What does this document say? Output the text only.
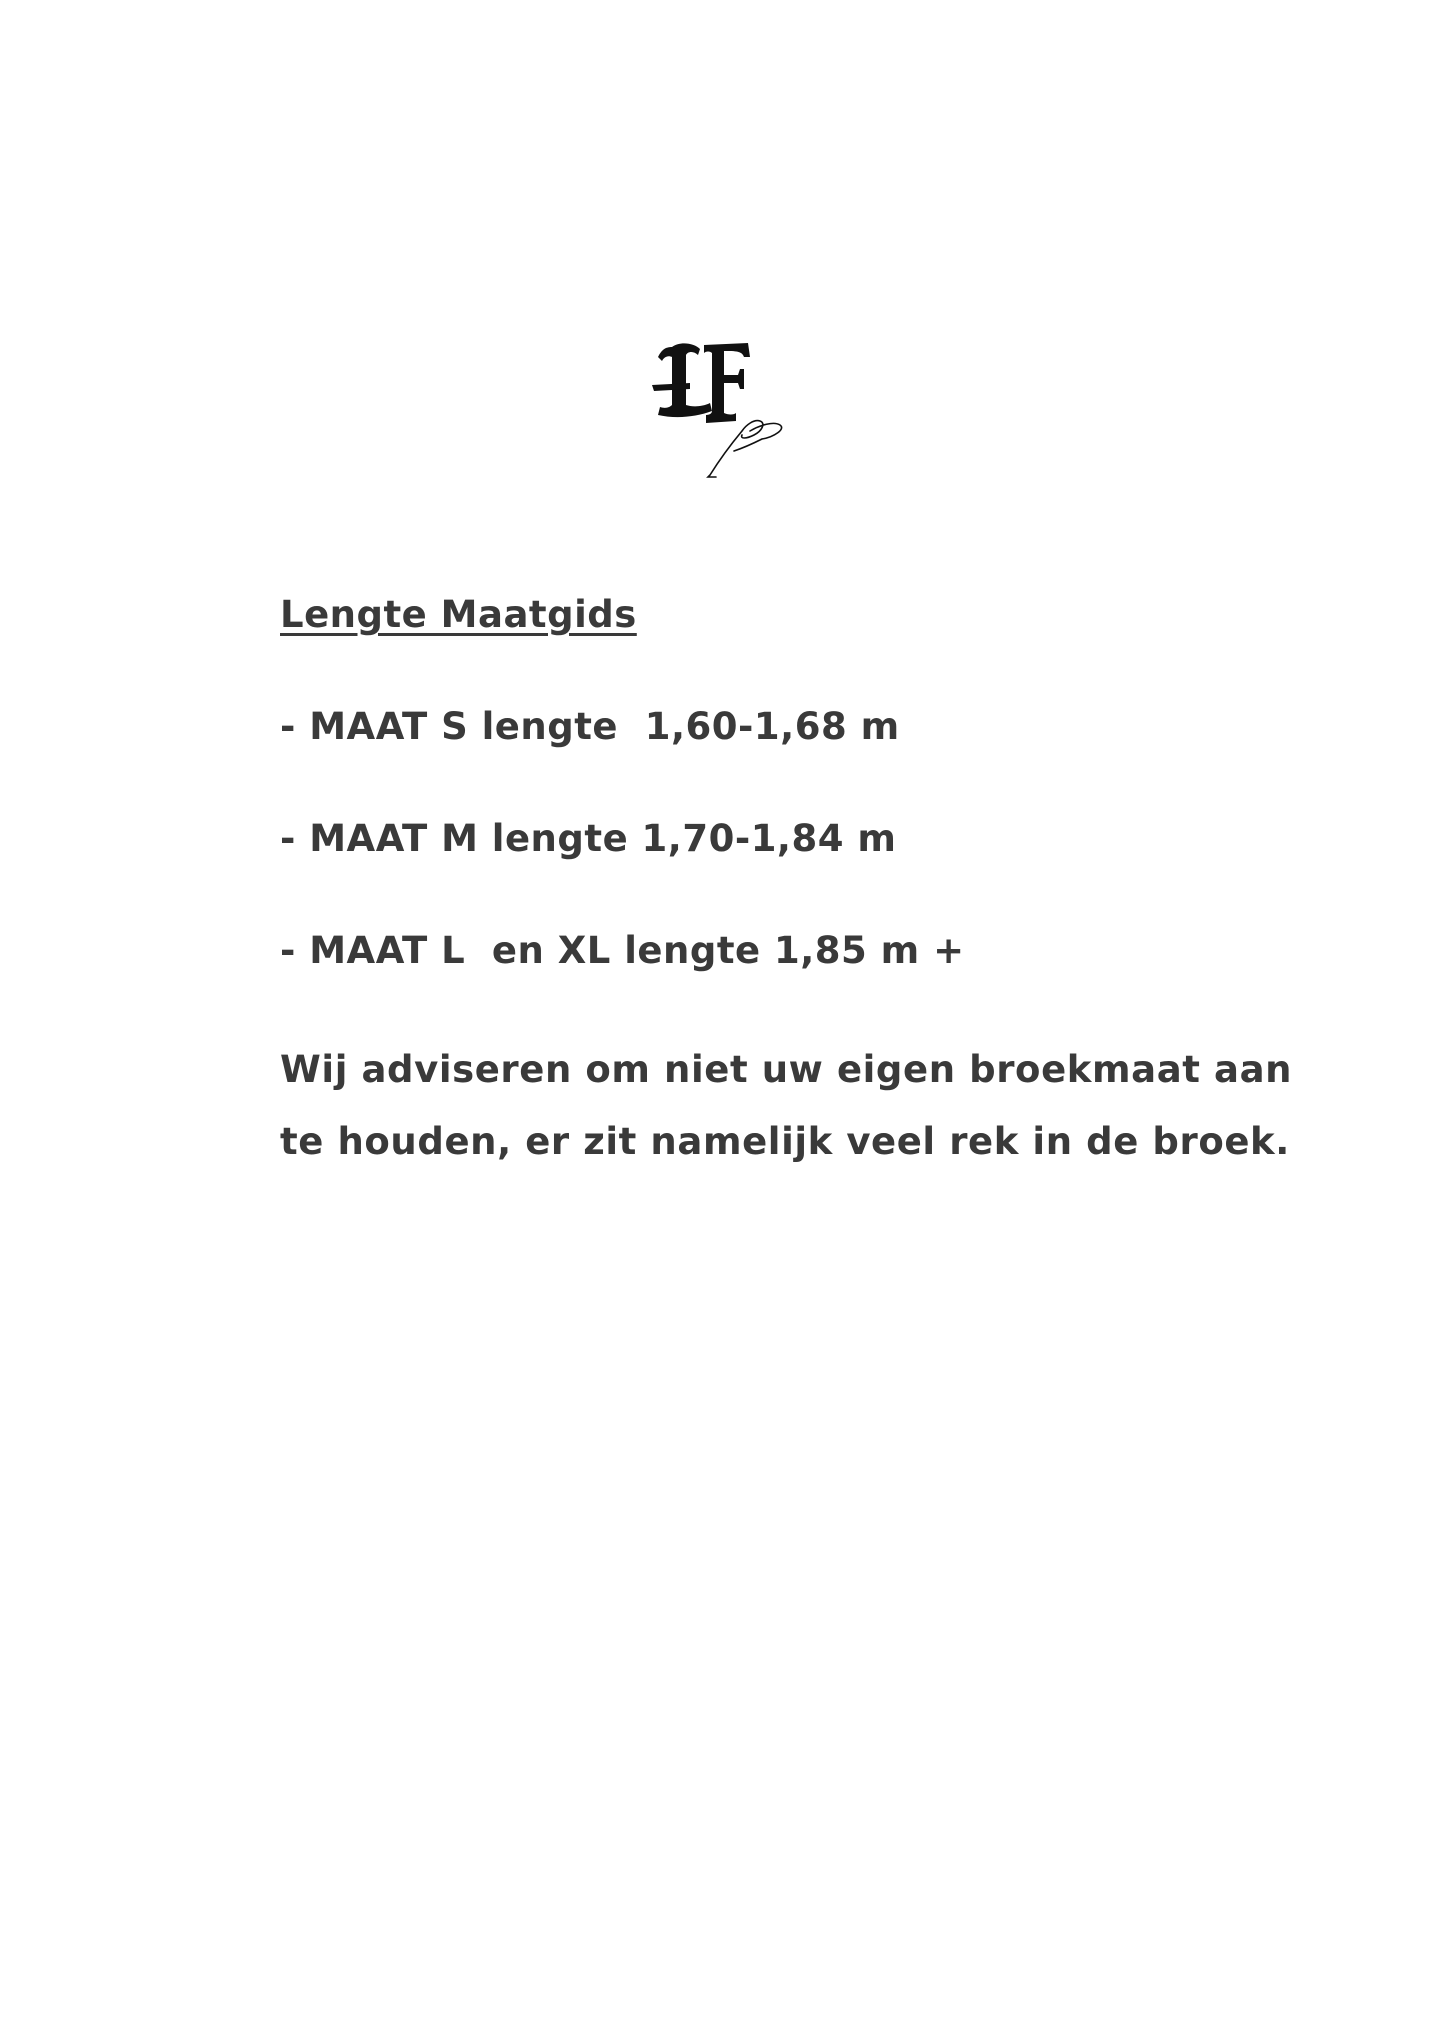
Lengte Maatgids

- MAAT S lengte  1,60-1,68 m

- MAAT M lengte 1,70-1,84 m

- MAAT L  en XL lengte 1,85 m +

Wij adviseren om niet uw eigen broekmaat aan
te houden, er zit namelijk veel rek in de broek.
